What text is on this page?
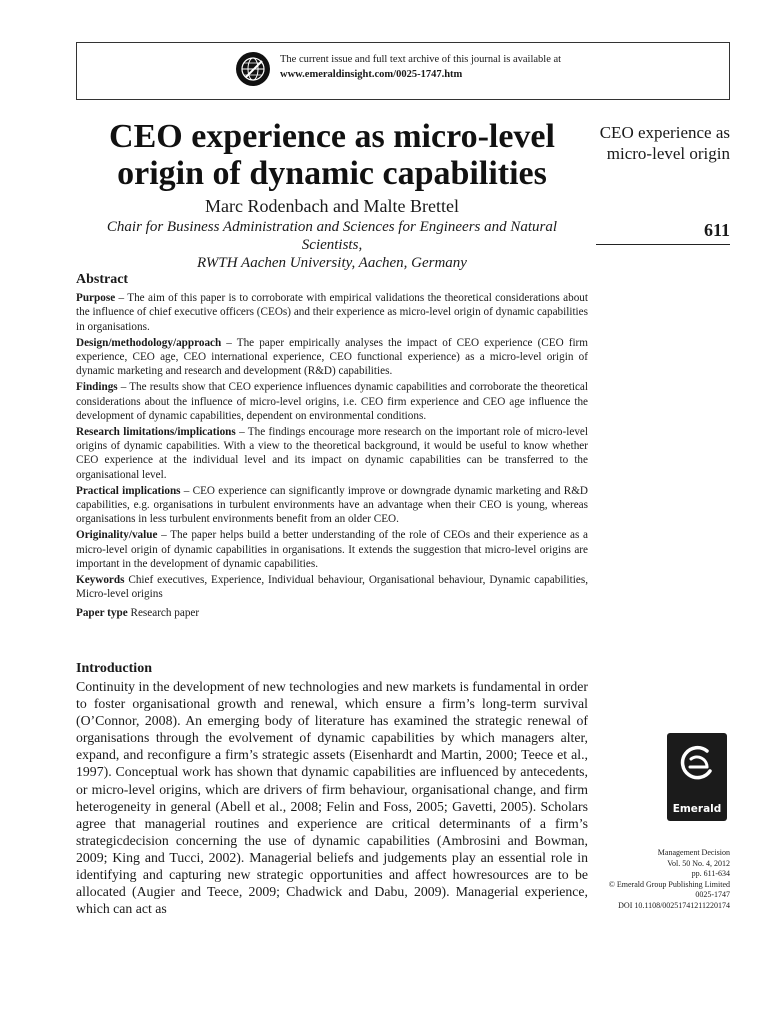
The current issue and full text archive of this journal is available at
www.emeraldinsight.com/0025-1747.htm
CEO experience as micro-level origin of dynamic capabilities
Marc Rodenbach and Malte Brettel
Chair for Business Administration and Sciences for Engineers and Natural Scientists,
RWTH Aachen University, Aachen, Germany
CEO experience as micro-level origin
611
Abstract
Purpose – The aim of this paper is to corroborate with empirical validations the theoretical considerations about the influence of chief executive officers (CEOs) and their experience as micro-level origin of dynamic capabilities in organisations.
Design/methodology/approach – The paper empirically analyses the impact of CEO experience (CEO firm experience, CEO age, CEO international experience, CEO functional experience) as a micro-level origin of dynamic marketing and research and development (R&D) capabilities.
Findings – The results show that CEO experience influences dynamic capabilities and corroborate the theoretical considerations about the influence of micro-level origins, i.e. CEO firm experience and CEO age influence the development of dynamic capabilities, dependent on environmental conditions.
Research limitations/implications – The findings encourage more research on the important role of micro-level origins of dynamic capabilities. With a view to the theoretical background, it would be useful to know whether CEO experience at the individual level and its impact on dynamic capabilities can be transferred to the organisational level.
Practical implications – CEO experience can significantly improve or downgrade dynamic marketing and R&D capabilities, e.g. organisations in turbulent environments have an advantage when their CEO is young, whereas organisations in less turbulent environments benefit from an older CEO.
Originality/value – The paper helps build a better understanding of the role of CEOs and their experience as a micro-level origin of dynamic capabilities in organisations. It extends the suggestion that micro-level origins are important in the development of dynamic capabilities.
Keywords Chief executives, Experience, Individual behaviour, Organisational behaviour, Dynamic capabilities, Micro-level origins
Paper type Research paper
Introduction
Continuity in the development of new technologies and new markets is fundamental in order to foster organisational growth and renewal, which ensure a firm’s long-term survival (O’Connor, 2008). An emerging body of literature has examined the strategic renewal of organisations through the evolvement of dynamic capabilities by which managers alter, expand, and reconfigure a firm’s strategic assets (Eisenhardt and Martin, 2000; Teece et al., 1997). Conceptual work has shown that dynamic capabilities are influenced by antecedents, or micro-level origins, which are drivers of firm behaviour, organisational change, and firm heterogeneity in general (Abell et al., 2008; Felin and Foss, 2005; Gavetti, 2005). Scholars agree that managerial routines and experience are critical determinants of a firm’s strategicdecision concerning the use of dynamic capabilities (Ambrosini and Bowman, 2009; King and Tucci, 2002). Managerial beliefs and judgements play an essential role in identifying and capturing new strategic opportunities and affect howresources are to be allocated (Augier and Teece, 2009; Chadwick and Dabu, 2009). Managerial experience, which can act as
Emerald
Management Decision
Vol. 50 No. 4, 2012
pp. 611-634
© Emerald Group Publishing Limited
0025-1747
DOI 10.1108/00251741211220174
